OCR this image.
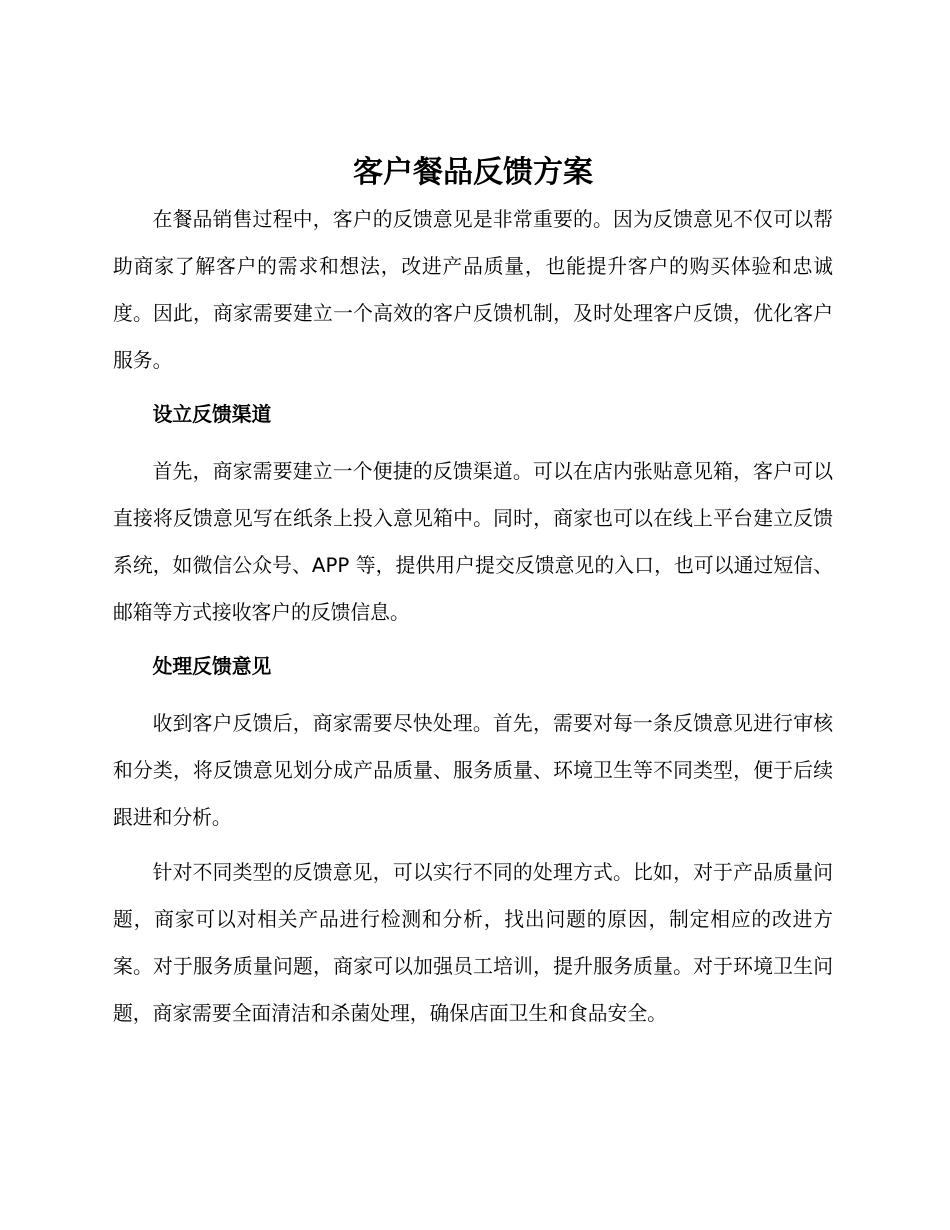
客户餐品反馈方案

在餐品销售过程中，客户的反馈意见是非常重要的。因为反馈意见不仅可以帮助商家了解客户的需求和想法，改进产品质量，也能提升客户的购买体验和忠诚度。因此，商家需要建立一个高效的客户反馈机制，及时处理客户反馈，优化客户服务。

设立反馈渠道

首先，商家需要建立一个便捷的反馈渠道。可以在店内张贴意见箱，客户可以直接将反馈意见写在纸条上投入意见箱中。同时，商家也可以在线上平台建立反馈系统，如微信公众号、APP 等，提供用户提交反馈意见的入口，也可以通过短信、邮箱等方式接收客户的反馈信息。

处理反馈意见

收到客户反馈后，商家需要尽快处理。首先，需要对每一条反馈意见进行审核和分类，将反馈意见划分成产品质量、服务质量、环境卫生等不同类型，便于后续跟进和分析。

针对不同类型的反馈意见，可以实行不同的处理方式。比如，对于产品质量问题，商家可以对相关产品进行检测和分析，找出问题的原因，制定相应的改进方案。对于服务质量问题，商家可以加强员工培训，提升服务质量。对于环境卫生问题，商家需要全面清洁和杀菌处理，确保店面卫生和食品安全。
